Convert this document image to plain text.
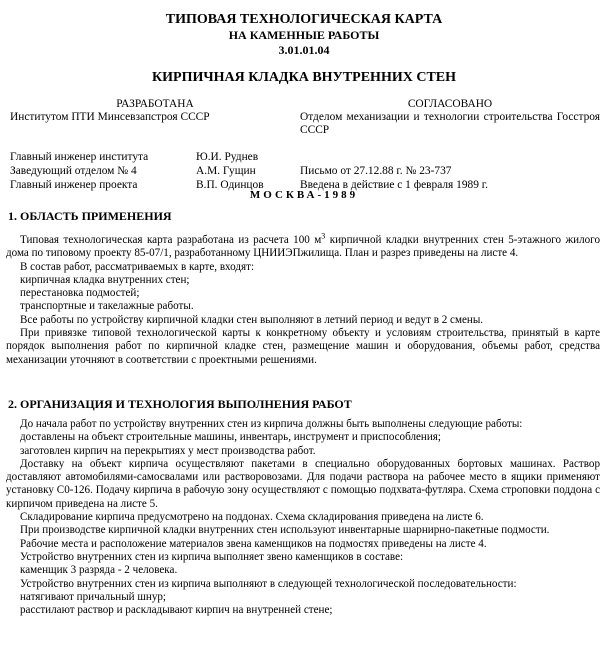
ТИПОВАЯ ТЕХНОЛОГИЧЕСКАЯ КАРТА
НА КАМЕННЫЕ РАБОТЫ
3.01.01.04
КИРПИЧНАЯ КЛАДКА ВНУТРЕННИХ СТЕН
РАЗРАБОТАНА	СОГЛАСОВАНО
Институтом ПТИ Минсевзапстроя СССР	Отделом механизации и технологии строительства Госстроя СССР
Главный инженер института	Ю.И. Руднев	
Заведующий отделом № 4	А.М. Гущин	Письмо от 27.12.88 г. № 23-737
Главный инженер проекта	В.П. Одинцов	Введена в действие с 1 февраля 1989 г.
МОСКВА-1989
1. ОБЛАСТЬ ПРИМЕНЕНИЯ

Типовая технологическая карта разработана из расчета 100 $м^3$ кирпичной кладки внутренних стен 5-этажного жилого дома по типовому проекту 85-07/1, разработанному ЦНИИЭПжилища. План и разрез приведены на листе 4.

В состав работ, рассматриваемых в карте, входят:

кирпичная кладка внутренних стен;

перестановка подмостей;

транспортные и такелажные работы.

Все работы по устройству кирпичной кладки стен выполняют в летний период и ведут в 2 смены.

При привязке типовой технологической карты к конкретному объекту и условиям строительства, принятый в карте порядок выполнения работ по кирпичной кладке стен, размещение машин и оборудования, объемы работ, средства механизации уточняют в соответствии с проектными решениями.

2. ОРГАНИЗАЦИЯ И ТЕХНОЛОГИЯ ВЫПОЛНЕНИЯ РАБОТ

До начала работ по устройству внутренних стен из кирпича должны быть выполнены следующие работы:

доставлены на объект строительные машины, инвентарь, инструмент и приспособления;

заготовлен кирпич на перекрытиях у мест производства работ.

Доставку на объект кирпича осуществляют пакетами в специально оборудованных бортовых машинах. Раствор доставляют автомобилями-самосвалами или растворовозами. Для подачи раствора на рабочее место в ящики применяют установку С0-126. Подачу кирпича в рабочую зону осуществляют с помощью подхвата-футляра. Схема строповки поддона с кирпичом приведена на листе 5.

Складирование кирпича предусмотрено на поддонах. Схема складирования приведена на листе 6.

При производстве кирпичной кладки внутренних стен используют инвентарные шарнирно-пакетные подмости.

Рабочие места и расположение материалов звена каменщиков на подмостях приведены на листе 4.

Устройство внутренних стен из кирпича выполняет звено каменщиков в составе:

каменщик 3 разряда - 2 человека.

Устройство внутренних стен из кирпича выполняют в следующей технологической последовательности:

натягивают причальный шнур;

расстилают раствор и раскладывают кирпич на внутренней стене;
